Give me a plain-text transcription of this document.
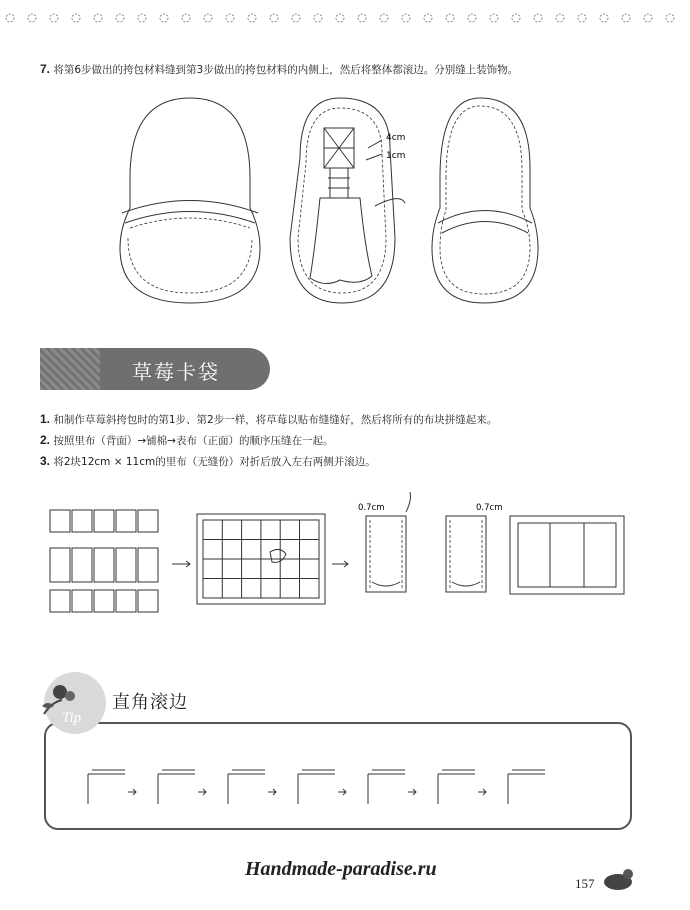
7. 将第6步做出的挎包材料缝到第3步做出的挎包材料的内侧上，然后将整体都滚边。分别缝上装饰物。
4cm
1cm
草莓卡袋
1. 和制作草莓斜挎包时的第1步、第2步一样，将草莓以贴布缝缝好，然后将所有的布块拼缝起来。
2. 按照里布（背面）→铺棉→表布（正面）的顺序压缝在一起。
3. 将2块12cm × 11cm的里布（无缝份）对折后放入左右两侧并滚边。
0.7cm	0.7cm
Tip
直角滚边
Handmade-paradise.ru
157
